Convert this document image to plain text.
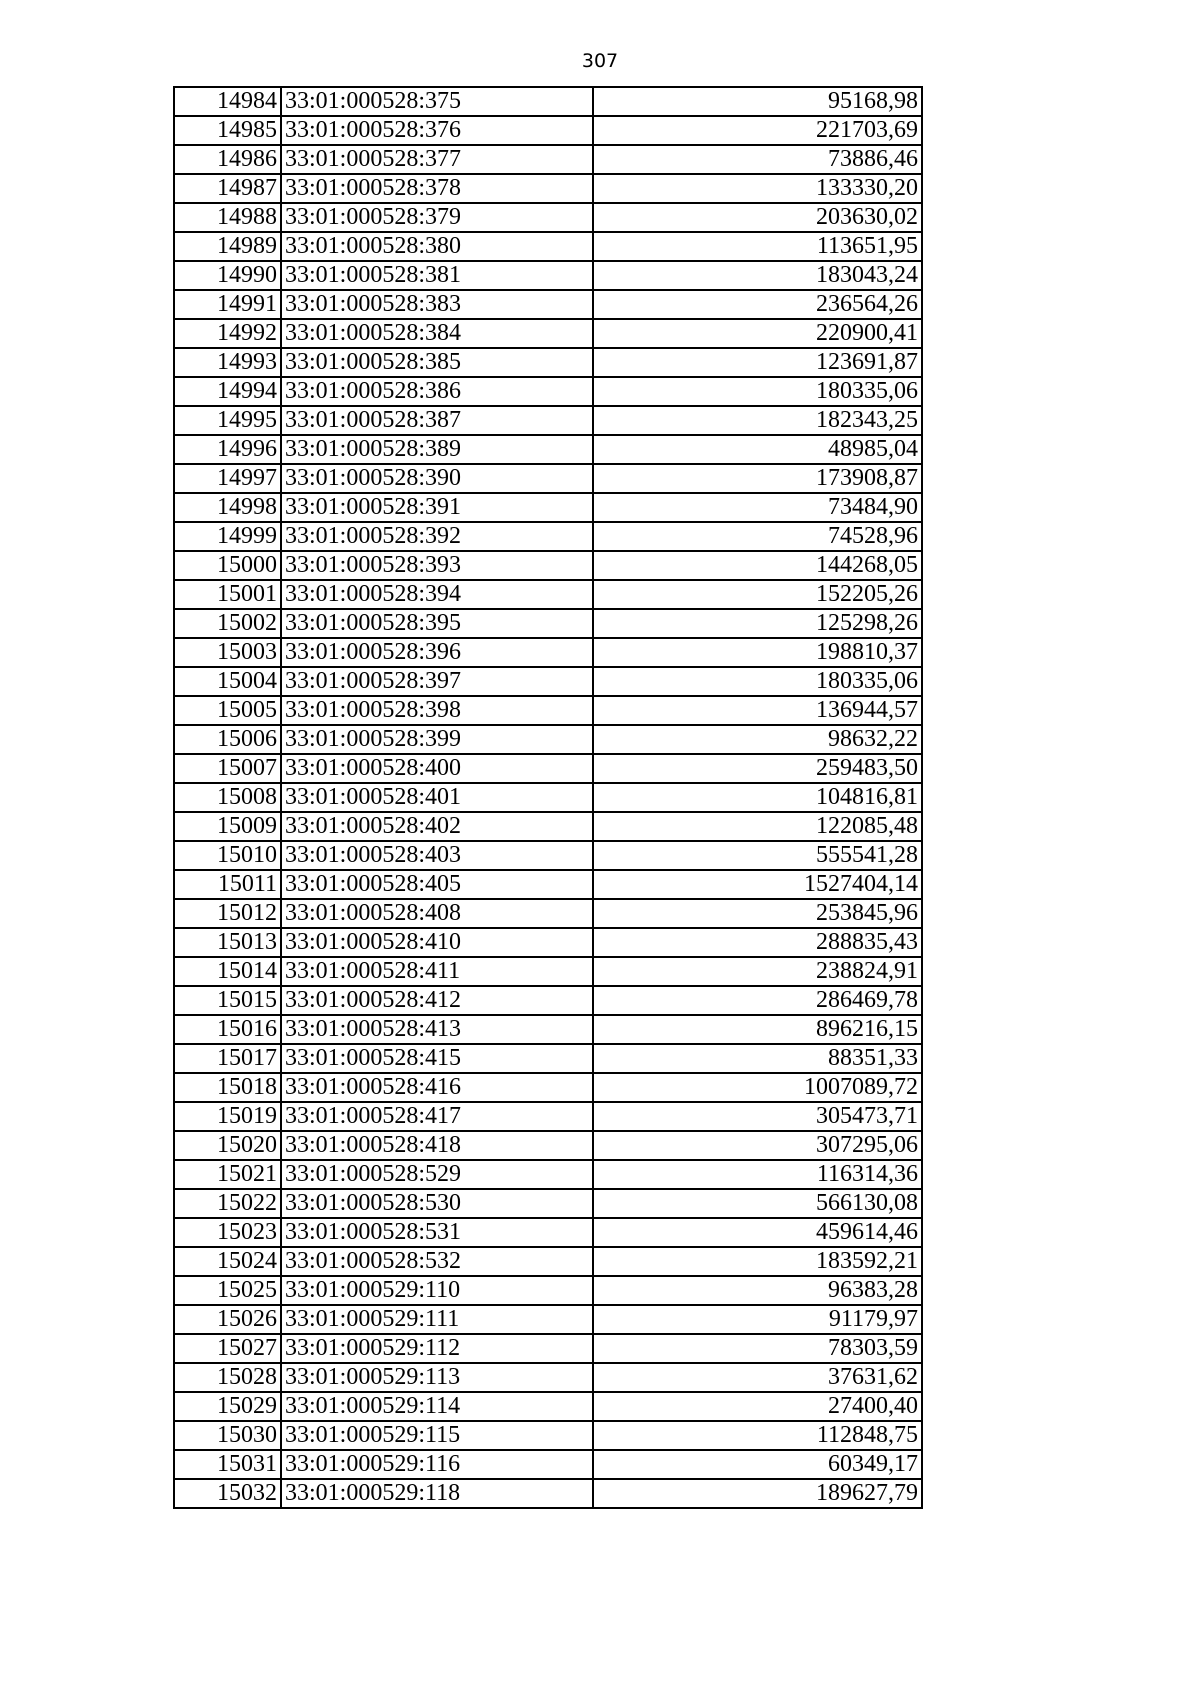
307
14984	33:01:000528:375	95168,98
14985	33:01:000528:376	221703,69
14986	33:01:000528:377	73886,46
14987	33:01:000528:378	133330,20
14988	33:01:000528:379	203630,02
14989	33:01:000528:380	113651,95
14990	33:01:000528:381	183043,24
14991	33:01:000528:383	236564,26
14992	33:01:000528:384	220900,41
14993	33:01:000528:385	123691,87
14994	33:01:000528:386	180335,06
14995	33:01:000528:387	182343,25
14996	33:01:000528:389	48985,04
14997	33:01:000528:390	173908,87
14998	33:01:000528:391	73484,90
14999	33:01:000528:392	74528,96
15000	33:01:000528:393	144268,05
15001	33:01:000528:394	152205,26
15002	33:01:000528:395	125298,26
15003	33:01:000528:396	198810,37
15004	33:01:000528:397	180335,06
15005	33:01:000528:398	136944,57
15006	33:01:000528:399	98632,22
15007	33:01:000528:400	259483,50
15008	33:01:000528:401	104816,81
15009	33:01:000528:402	122085,48
15010	33:01:000528:403	555541,28
15011	33:01:000528:405	1527404,14
15012	33:01:000528:408	253845,96
15013	33:01:000528:410	288835,43
15014	33:01:000528:411	238824,91
15015	33:01:000528:412	286469,78
15016	33:01:000528:413	896216,15
15017	33:01:000528:415	88351,33
15018	33:01:000528:416	1007089,72
15019	33:01:000528:417	305473,71
15020	33:01:000528:418	307295,06
15021	33:01:000528:529	116314,36
15022	33:01:000528:530	566130,08
15023	33:01:000528:531	459614,46
15024	33:01:000528:532	183592,21
15025	33:01:000529:110	96383,28
15026	33:01:000529:111	91179,97
15027	33:01:000529:112	78303,59
15028	33:01:000529:113	37631,62
15029	33:01:000529:114	27400,40
15030	33:01:000529:115	112848,75
15031	33:01:000529:116	60349,17
15032	33:01:000529:118	189627,79
